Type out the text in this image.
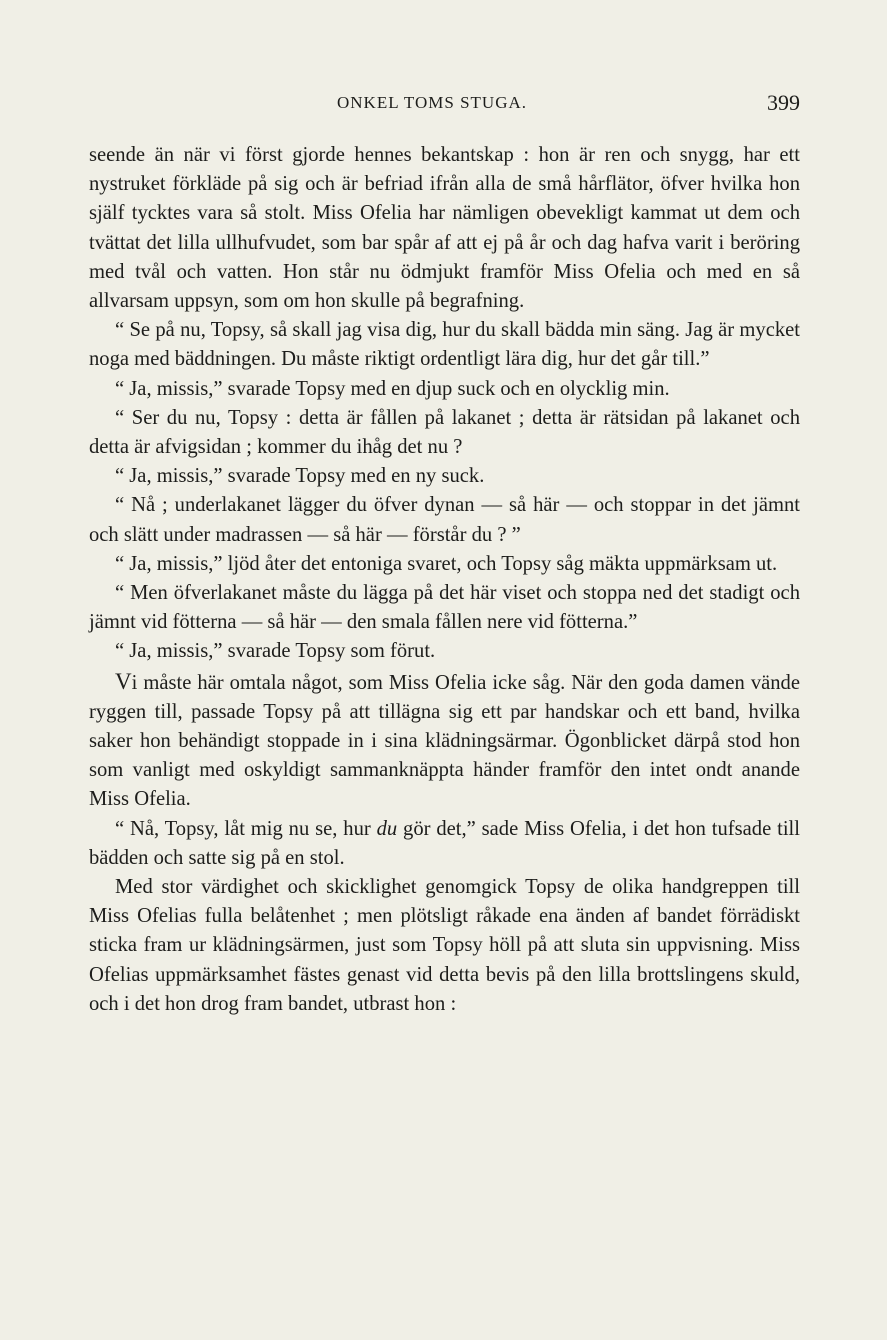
ONKEL TOMS STUGA.	399

seende än när vi först gjorde hennes bekantskap : hon är ren och snygg, har ett nystruket förkläde på sig och är befriad ifrån alla de små hårflätor, öfver hvilka hon själf tycktes vara så stolt. Miss Ofelia har nämligen obevekligt kammat ut dem och tvättat det lilla ullhufvudet, som bar spår af att ej på år och dag hafva varit i beröring med tvål och vatten. Hon står nu ödmjukt framför Miss Ofelia och med en så allvarsam uppsyn, som om hon skulle på begrafning.

“ Se på nu, Topsy, så skall jag visa dig, hur du skall bädda min säng. Jag är mycket noga med bäddningen. Du måste riktigt ordentligt lära dig, hur det går till.”

“ Ja, missis,” svarade Topsy med en djup suck och en olycklig min.

“ Ser du nu, Topsy : detta är fållen på lakanet ; detta är rätsidan på lakanet och detta är afvigsidan ; kommer du ihåg det nu ?

“ Ja, missis,” svarade Topsy med en ny suck.

“ Nå ; underlakanet lägger du öfver dynan — så här — och stoppar in det jämnt och slätt under madrassen — så här — förstår du ? ”

“ Ja, missis,” ljöd åter det entoniga svaret, och Topsy såg mäkta uppmärksam ut.

“ Men öfverlakanet måste du lägga på det här viset och stoppa ned det stadigt och jämnt vid fötterna — så här — den smala fållen nere vid fötterna.”

“ Ja, missis,” svarade Topsy som förut.

Vi måste här omtala något, som Miss Ofelia icke såg. När den goda damen vände ryggen till, passade Topsy på att tillägna sig ett par handskar och ett band, hvilka saker hon behändigt stoppade in i sina klädningsärmar. Ögonblicket därpå stod hon som vanligt med oskyldigt sammanknäppta händer framför den intet ondt anande Miss Ofelia.

“ Nå, Topsy, låt mig nu se, hur du gör det,” sade Miss Ofelia, i det hon tufsade till bädden och satte sig på en stol.

Med stor värdighet och skicklighet genomgick Topsy de olika handgreppen till Miss Ofelias fulla belåtenhet ; men plötsligt råkade ena änden af bandet förrädiskt sticka fram ur klädningsärmen, just som Topsy höll på att sluta sin uppvisning. Miss Ofelias uppmärksamhet fästes genast vid detta bevis på den lilla brottslingens skuld, och i det hon drog fram bandet, utbrast hon :
